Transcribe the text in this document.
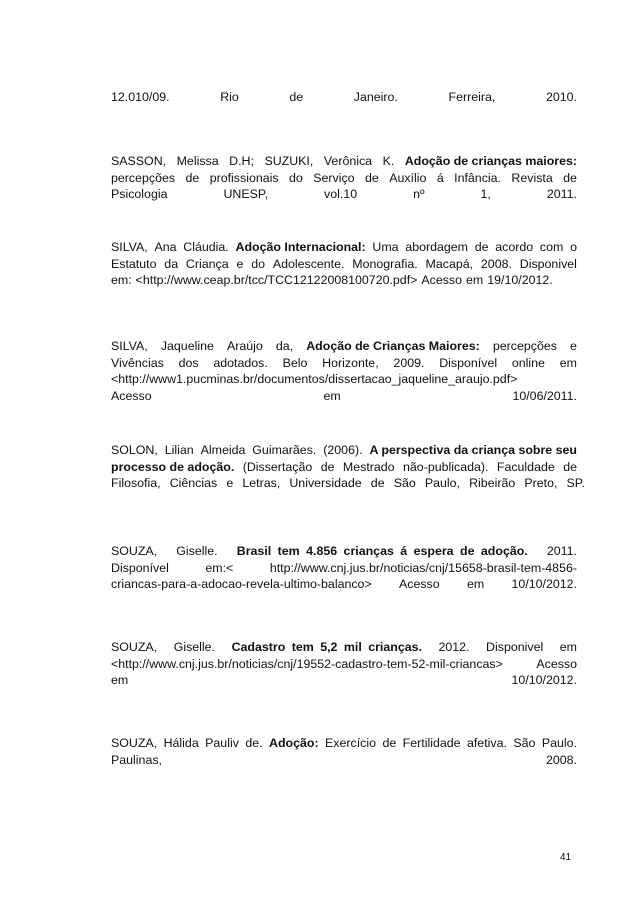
12.010/09.	Rio	de	Janeiro.	Ferreira,	2010.
SASSON, Melissa D.H; SUZUKI, Verônica K. Adoção de crianças maiores:
percepções de profissionais do Serviço de Auxílio á Infância. Revista de
Psicologia	UNESP,	vol.10	nº	1,	2011.
SILVA, Ana Cláudia. Adoção Internacional: Uma abordagem de acordo com o
Estatuto da Criança e do Adolescente. Monografia. Macapá, 2008. Disponivel
em: <http://www.ceap.br/tcc/TCC12122008100720.pdf> Acesso em 19/10/2012.
SILVA, Jaqueline Araújo da, Adoção de Crianças Maiores: percepções e
Vivências dos adotados. Belo Horizonte, 2009. Disponível online em
<http://www1.pucminas.br/documentos/dissertacao_jaqueline_araujo.pdf>
Acesso	em	10/06/2011.
SOLON, Lilian Almeida Guimarães. (2006). A perspectiva da criança sobre seu
processo de adoção. (Dissertação de Mestrado não-publicada). Faculdade de
Filosofia, Ciências e Letras, Universidade de São Paulo, Ribeirão Preto, SP.
SOUZA, Giselle. Brasil tem 4.856 crianças á espera de adoção. 2011.
Disponível	em:<	http://www.cnj.jus.br/noticias/cnj/15658-brasil-tem-4856-
criancas-para-a-adocao-revela-ultimo-balanco> Acesso em 10/10/2012.
SOUZA, Giselle. Cadastro tem 5,2 mil crianças. 2012. Disponivel em
<http://www.cnj.jus.br/noticias/cnj/19552-cadastro-tem-52-mil-criancas>	Acesso
em	10/10/2012.
SOUZA, Hálida Pauliv de. Adoção: Exercício de Fertilidade afetiva. São Paulo.
Paulinas,	2008.
41
